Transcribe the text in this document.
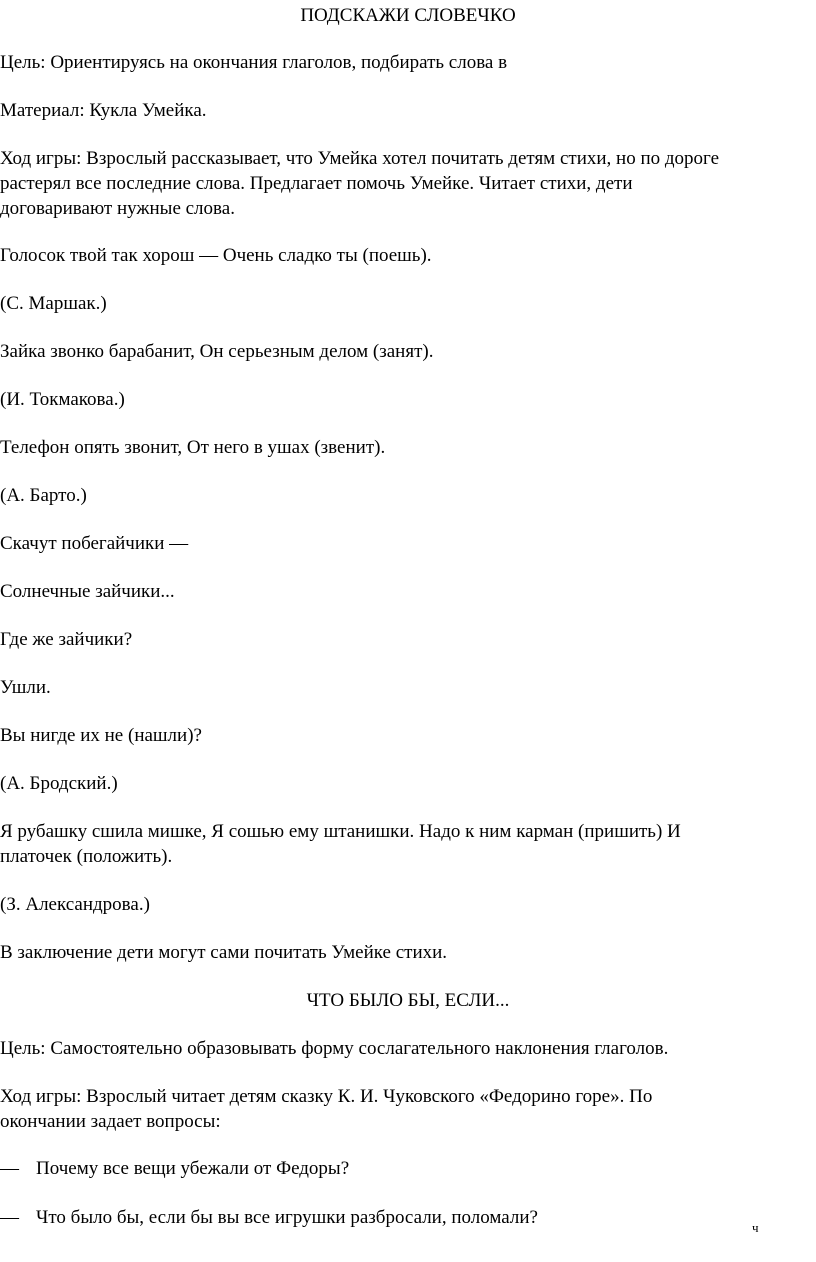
ПОДСКАЖИ СЛОВЕЧКО
Цель: Ориентируясь на окончания глаголов, подбирать слова в
Материал: Кукла Умейка.
Ход игры: Взрослый рассказывает, что Умейка хотел почитать детям стихи, но по дороге
растерял все последние слова. Предлагает помочь Умейке. Читает стихи, дети
договаривают нужные слова.
Голосок твой так хорош — Очень сладко ты (поешь).
(С. Маршак.)
Зайка звонко барабанит, Он серьезным делом (занят).
(И. Токмакова.)
Телефон опять звонит, От него в ушах (звенит).
(А. Барто.)
Скачут побегайчики —
Солнечные зайчики...
Где же зайчики?
Ушли.
Вы нигде их не (нашли)?
(А. Бродский.)
Я рубашку сшила мишке, Я сошью ему штанишки. Надо к ним карман (пришить) И
платочек (положить).
(З. Александрова.)
В заключение дети могут сами почитать Умейке стихи.
ЧТО БЫЛО БЫ, ЕСЛИ...
Цель: Самостоятельно образовывать форму сослагательного наклонения глаголов.
Ход игры: Взрослый читает детям сказку К. И. Чуковского «Федорино горе». По
окончании задает вопросы:
— Почему все вещи убежали от Федоры?
— Что было бы, если бы вы все игрушки разбросали, поломали?	ч
